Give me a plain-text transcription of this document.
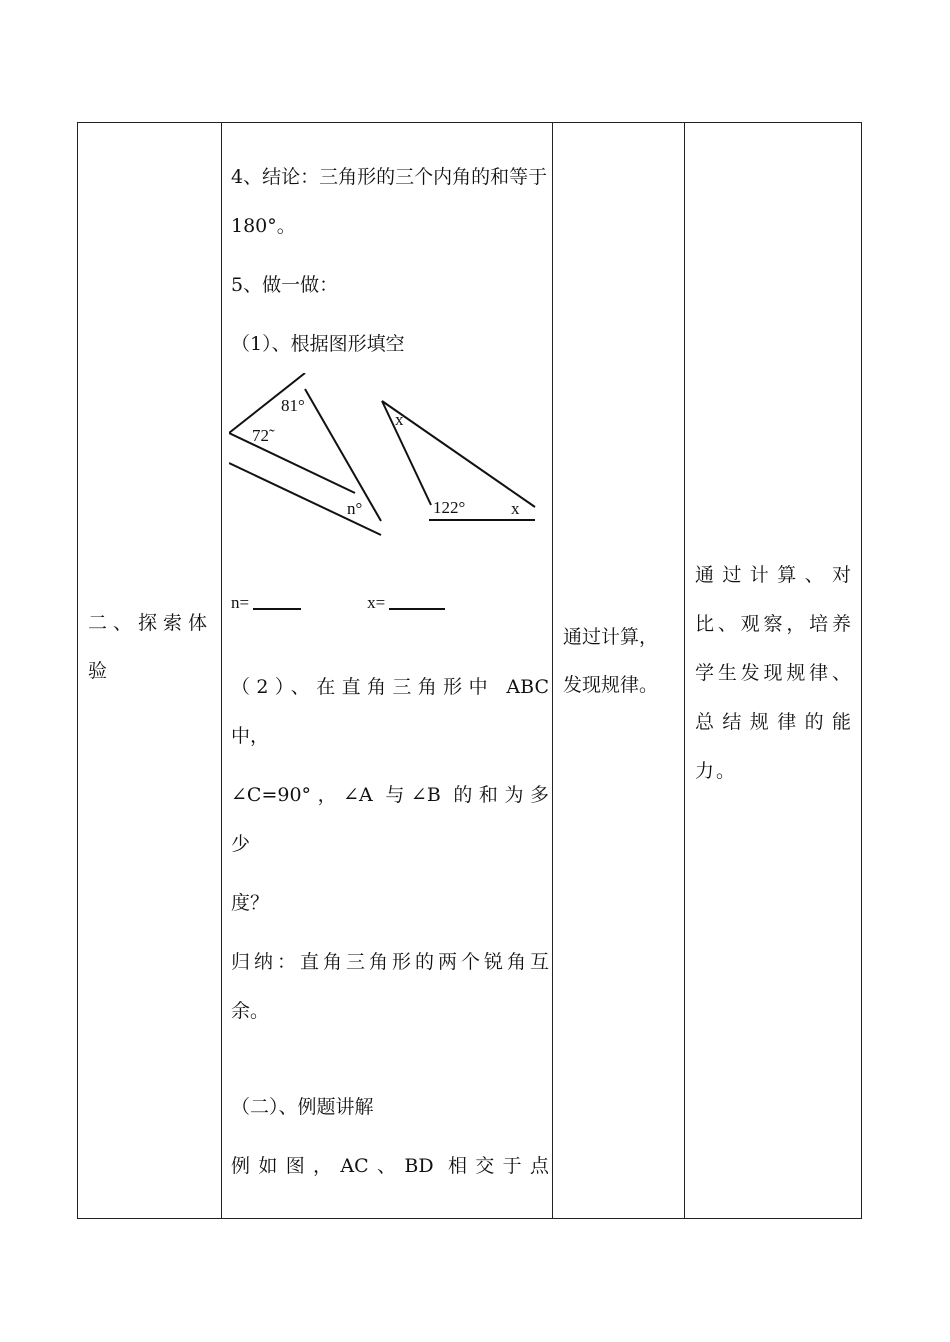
二、探索体验

4、结论：三角形的三个内角的和等于 180°。

5、做一做：

（1）、根据图形填空

81°
72˜
n°
x
122°	x
n=	x=

（2）、在直角三角形中 ABC

中，

∠C=90°，∠A 与∠B 的和为多

少

度？

归纳：直角三角形的两个锐角互

余。

（二）、例题讲解

例如图，AC、BD 相交于点

通过计算，

发现规律。

通过计算、对

比、观察，培养

学生发现规律、

总结规律的能

力。
